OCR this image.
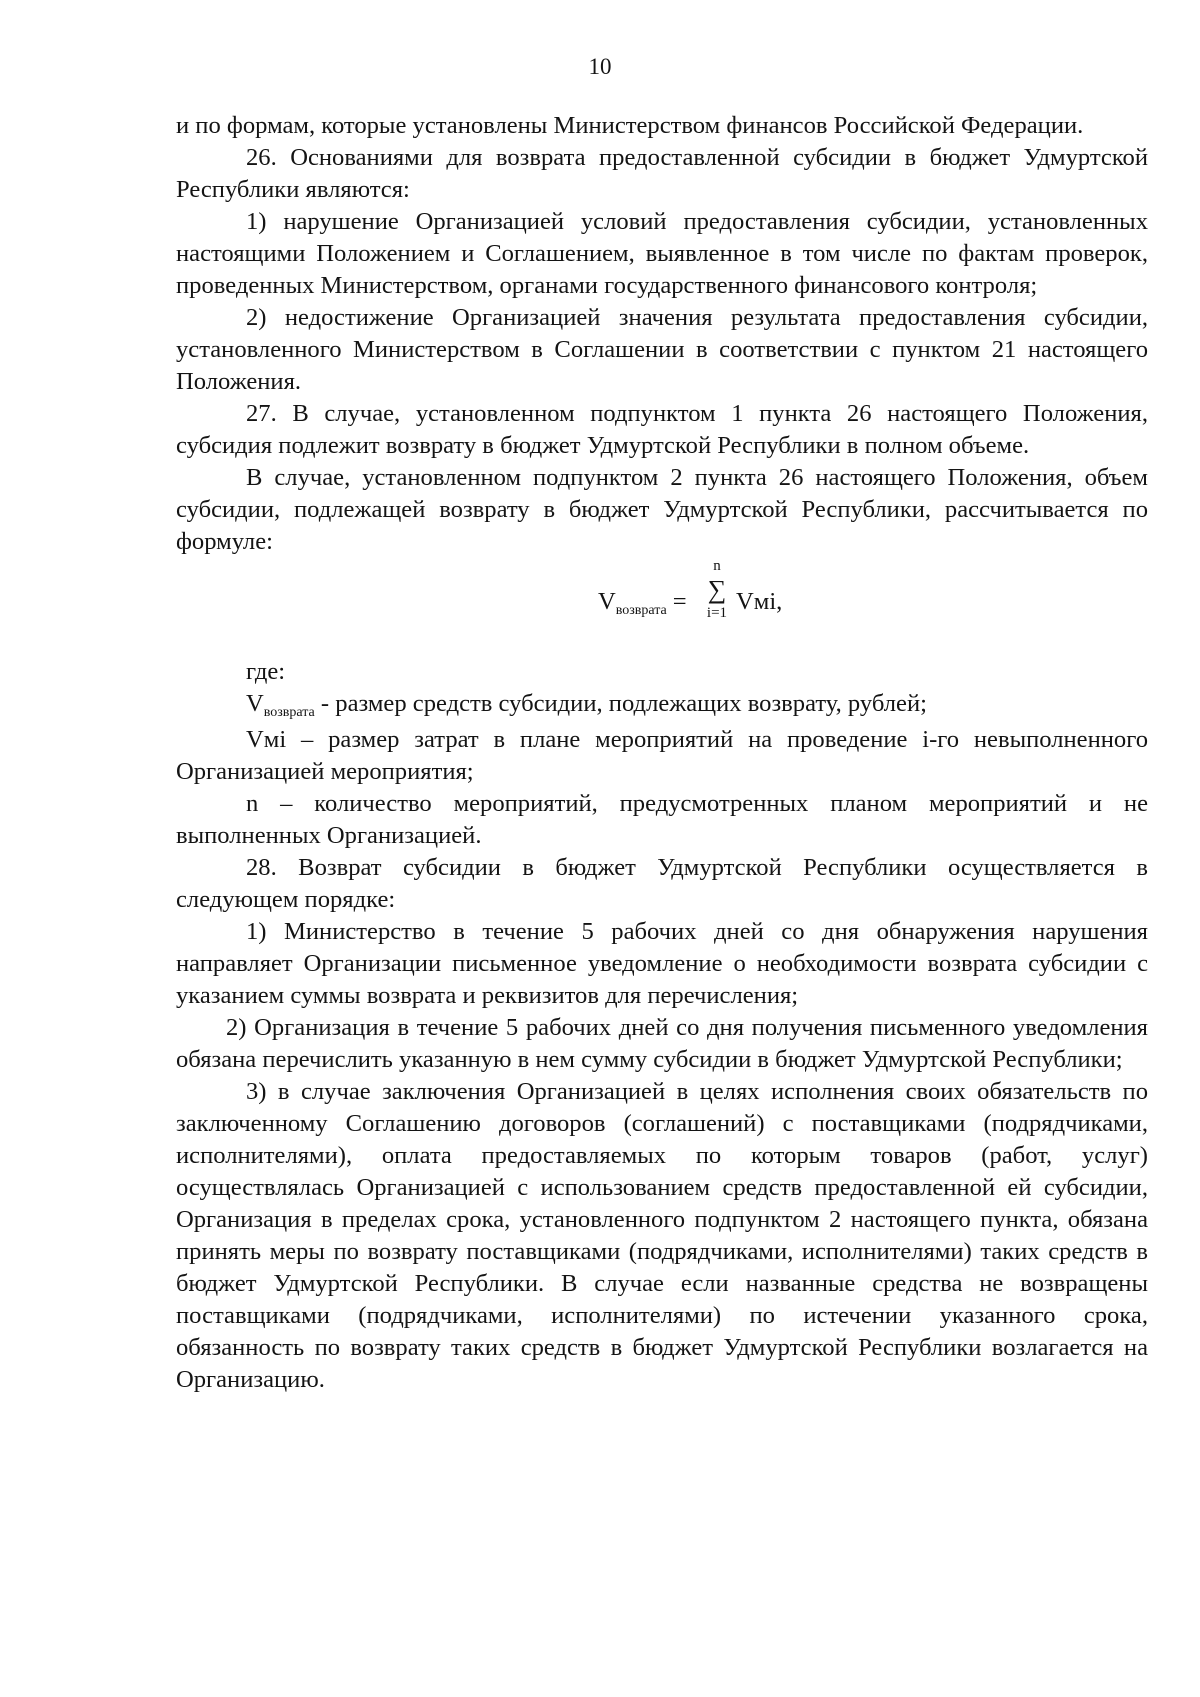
10

и по формам, которые установлены Министерством финансов Российской Федерации.

26. Основаниями для возврата предоставленной субсидии в бюджет Удмуртской Республики являются:

1) нарушение Организацией условий предоставления субсидии, установленных настоящими Положением и Соглашением, выявленное в том числе по фактам проверок, проведенных Министерством, органами государственного финансового контроля;

2) недостижение Организацией значения результата предоставления субсидии, установленного Министерством в Соглашении в соответствии с пунктом 21 настоящего Положения.

27. В случае, установленном подпунктом 1 пункта 26 настоящего Положения, субсидия подлежит возврату в бюджет Удмуртской Республики в полном объеме.

В случае, установленном подпунктом 2 пункта 26 настоящего Положения, объем субсидии, подлежащей возврату в бюджет Удмуртской Республики, рассчитывается по формуле:

$V_{возврата}$ =
n
∑
i=1 Vмi,

где:

$V_{возврата}$ - размер средств субсидии, подлежащих возврату, рублей;

Vмi – размер затрат в плане мероприятий на проведение i-го невыполненного Организацией мероприятия;

n – количество мероприятий, предусмотренных планом мероприятий и не выполненных Организацией.

28. Возврат субсидии в бюджет Удмуртской Республики осуществляется в следующем порядке:

1) Министерство в течение 5 рабочих дней со дня обнаружения нарушения направляет Организации письменное уведомление о необходимости возврата субсидии с указанием суммы возврата и реквизитов для перечисления;

2) Организация в течение 5 рабочих дней со дня получения письменного уведомления обязана перечислить указанную в нем сумму субсидии в бюджет Удмуртской Республики;

3) в случае заключения Организацией в целях исполнения своих обязательств по заключенному Соглашению договоров (соглашений) с поставщиками (подрядчиками, исполнителями), оплата предоставляемых по которым товаров (работ, услуг) осуществлялась Организацией с использованием средств предоставленной ей субсидии, Организация в пределах срока, установленного подпунктом 2 настоящего пункта, обязана принять меры по возврату поставщиками (подрядчиками, исполнителями) таких средств в бюджет Удмуртской Республики. В случае если названные средства не возвращены поставщиками (подрядчиками, исполнителями) по истечении указанного срока, обязанность по возврату таких средств в бюджет Удмуртской Республики возлагается на Организацию.
